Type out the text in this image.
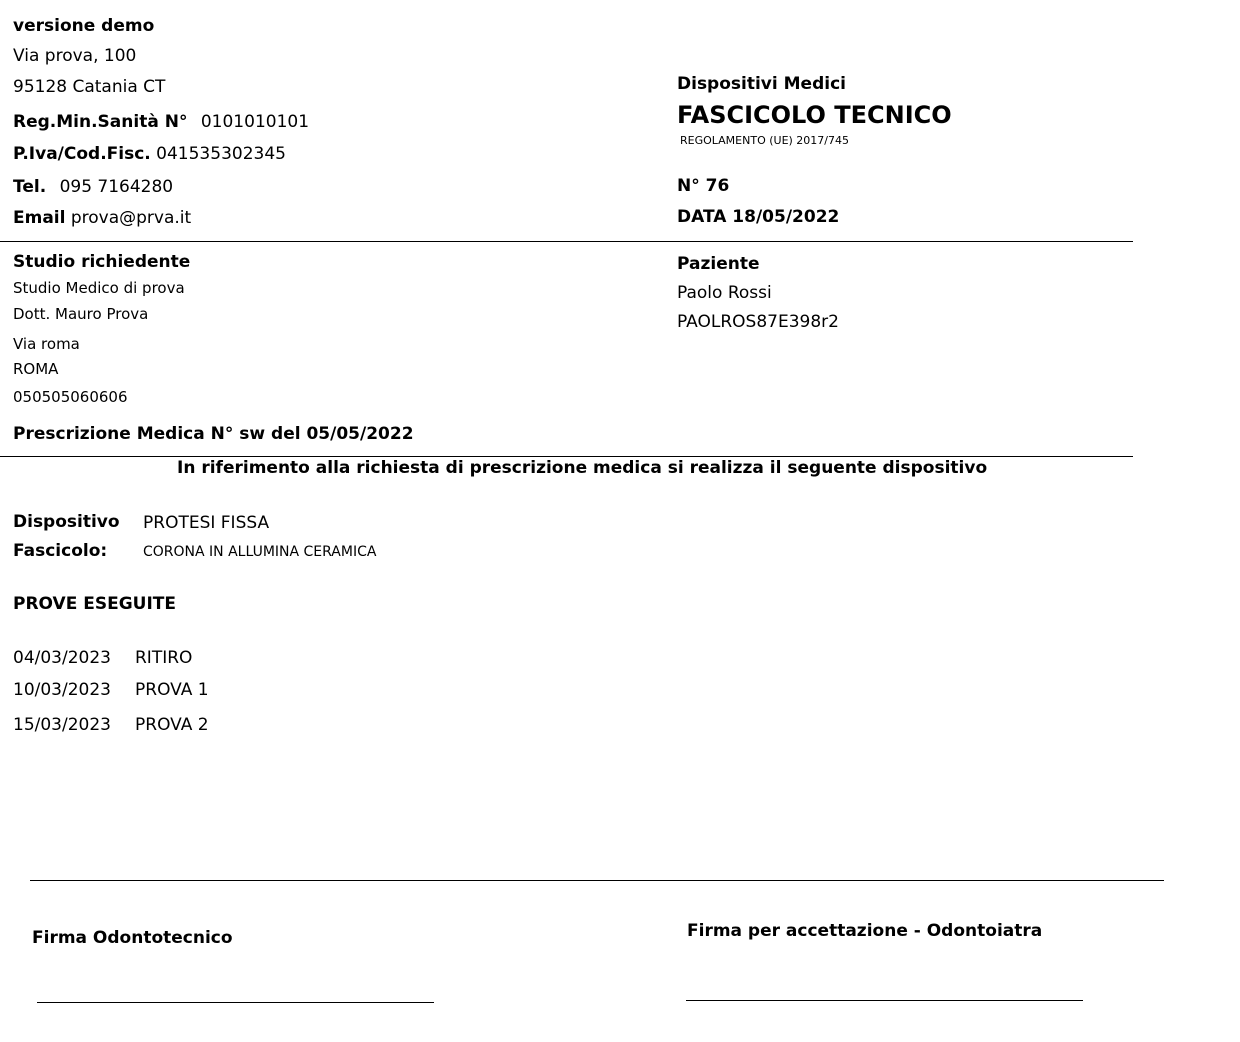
versione demo
Via prova, 100
95128 Catania CT
Reg.Min.Sanità N° 0101010101
P.Iva/Cod.Fisc. 041535302345
Tel. 095 7164280
Email prova@prva.it
Dispositivi Medici
FASCICOLO TECNICO
REGOLAMENTO (UE) 2017/745
N° 76
DATA 18/05/2022
Studio richiedente
Studio Medico di prova
Dott. Mauro Prova
Via roma
ROMA
050505060606
Paziente
Paolo Rossi
PAOLROS87E398r2
Prescrizione Medica N° sw del 05/05/2022
In riferimento alla richiesta di prescrizione medica si realizza il seguente dispositivo
Dispositivo PROTESI FISSA
Fascicolo:	CORONA IN ALLUMINA CERAMICA
PROVE ESEGUITE
04/03/2023 RITIRO
10/03/2023 PROVA 1
15/03/2023 PROVA 2
Firma Odontotecnico	Firma per accettazione - Odontoiatra
